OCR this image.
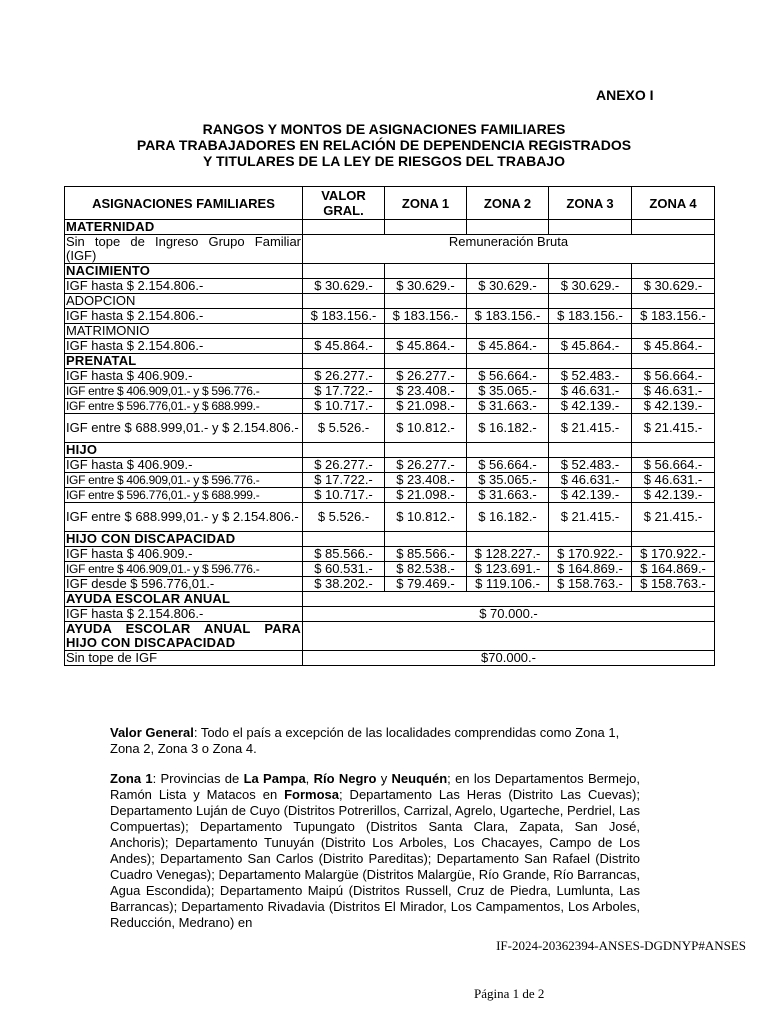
ANEXO I
RANGOS Y MONTOS DE ASIGNACIONES FAMILIARES
PARA TRABAJADORES EN RELACIÓN DE DEPENDENCIA REGISTRADOS
Y TITULARES DE LA LEY DE RIESGOS DEL TRABAJO
ASIGNACIONES FAMILIARES	VALOR GRAL.	ZONA 1	ZONA 2	ZONA 3	ZONA 4
MATERNIDAD					
Sin tope de Ingreso Grupo Familiar (IGF)	Remuneración Bruta				
NACIMIENTO					
IGF hasta $ 2.154.806.-	$ 30.629.-	$ 30.629.-	$ 30.629.-	$ 30.629.-	$ 30.629.-
ADOPCION					
IGF hasta $ 2.154.806.-	$ 183.156.-	$ 183.156.-	$ 183.156.-	$ 183.156.-	$ 183.156.-
MATRIMONIO					
IGF hasta $ 2.154.806.-	$ 45.864.-	$ 45.864.-	$ 45.864.-	$ 45.864.-	$ 45.864.-
PRENATAL					
IGF hasta $ 406.909.-	$ 26.277.-	$ 26.277.-	$ 56.664.-	$ 52.483.-	$ 56.664.-
IGF entre $ 406.909,01.- y $ 596.776.-	$ 17.722.-	$ 23.408.-	$ 35.065.-	$ 46.631.-	$ 46.631.-
IGF entre $ 596.776,01.- y $ 688.999.-	$ 10.717.-	$ 21.098.-	$ 31.663.-	$ 42.139.-	$ 42.139.-
IGF entre $ 688.999,01.- y $ 2.154.806.-	$ 5.526.-	$ 10.812.-	$ 16.182.-	$ 21.415.-	$ 21.415.-
HIJO					
IGF hasta $ 406.909.-	$ 26.277.-	$ 26.277.-	$ 56.664.-	$ 52.483.-	$ 56.664.-
IGF entre $ 406.909,01.- y $ 596.776.-	$ 17.722.-	$ 23.408.-	$ 35.065.-	$ 46.631.-	$ 46.631.-
IGF entre $ 596.776,01.- y $ 688.999.-	$ 10.717.-	$ 21.098.-	$ 31.663.-	$ 42.139.-	$ 42.139.-
IGF entre $ 688.999,01.- y $ 2.154.806.-	$ 5.526.-	$ 10.812.-	$ 16.182.-	$ 21.415.-	$ 21.415.-
HIJO CON DISCAPACIDAD					
IGF hasta $ 406.909.-	$ 85.566.-	$ 85.566.-	$ 128.227.-	$ 170.922.-	$ 170.922.-
IGF entre $ 406.909,01.- y $ 596.776.-	$ 60.531.-	$ 82.538.-	$ 123.691.-	$ 164.869.-	$ 164.869.-
IGF desde $ 596.776,01.-	$ 38.202.-	$ 79.469.-	$ 119.106.-	$ 158.763.-	$ 158.763.-
AYUDA ESCOLAR ANUAL					
IGF hasta $ 2.154.806.-	$ 70.000.-				
AYUDA ESCOLAR ANUAL PARA HIJO CON DISCAPACIDAD					
Sin tope de IGF	$70.000.-				
Valor General: Todo el país a excepción de las localidades comprendidas como Zona 1, Zona 2, Zona 3 o Zona 4.
Zona 1: Provincias de La Pampa, Río Negro y Neuquén; en los Departamentos Bermejo, Ramón Lista y Matacos en Formosa; Departamento Las Heras (Distrito Las Cuevas); Departamento Luján de Cuyo (Distritos Potrerillos, Carrizal, Agrelo, Ugarteche, Perdriel, Las Compuertas); Departamento Tupungato (Distritos Santa Clara, Zapata, San José, Anchoris); Departamento Tunuyán (Distrito Los Arboles, Los Chacayes, Campo de Los Andes); Departamento San Carlos (Distrito Pareditas); Departamento San Rafael (Distrito Cuadro Venegas); Departamento Malargüe (Distritos Malargüe, Río Grande, Río Barrancas, Agua Escondida); Departamento Maipú (Distritos Russell, Cruz de Piedra, Lumlunta, Las Barrancas); Departamento Rivadavia (Distritos El Mirador, Los Campamentos, Los Arboles, Reducción, Medrano) en
IF-2024-20362394-ANSES-DGDNYP#ANSES
Página 1 de 2
